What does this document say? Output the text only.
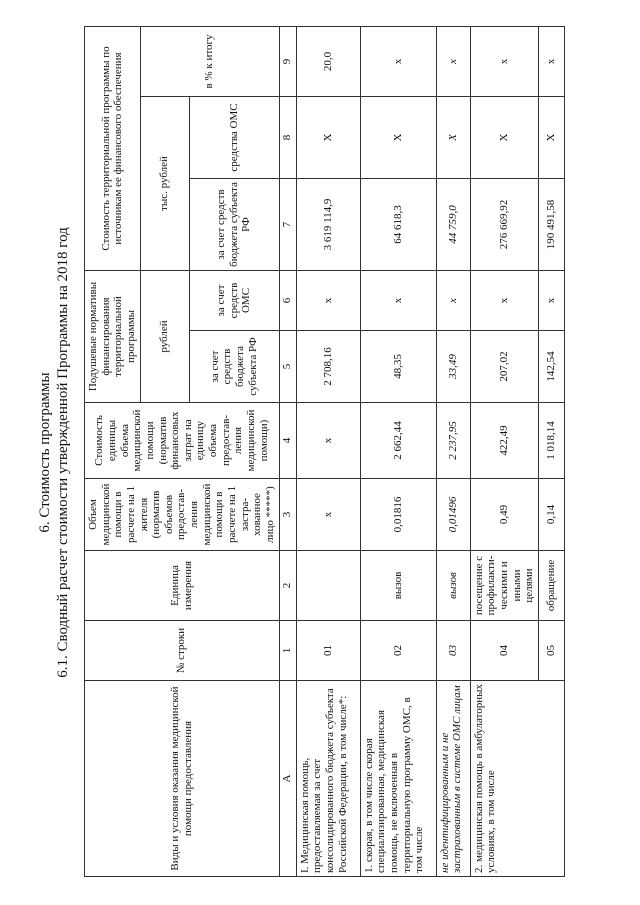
6. Стоимость программы 6.1. Сводный расчет стоимости утвержденной Программы на 2018 год
Виды и условия оказания медицинской помощи предоставления	№ строки	Единица измерения	Объем медицинской помощи в расчете на 1 жителя (норматив объемов предостав-ления медицинской помощи в расчете на 1 застра-хованное лицо *****)	Стоимость единицы объема медицинской помощи (норматив финансовых затрат на единицу объема предостав-ления медицинской помощи)	Подушевые нормативы финансирования территориальной программы		Стоимость территориальной программы по источникам ее финансового обеспечения		
					рублей		тыс. рублей		в % к итогу
					за счет средств бюджета субъекта РФ	за счет средств ОМС	за счет средств бюджета субъекта РФ	средства ОМС	
А	1	2	3	4	5	6	7	8	9
I. Медицинская помощь, предоставляемая за счет консолидированного бюджета субъекта Российской Федерации, в том числе*:	01		х	х	2 708,16	х	3 619 114,9	Х	20,0
1. скорая, в том числе скорая специализированная, медицинская помощь, не включенная в территориальную программу ОМС, в том числе	02	вызов	0,01816	2 662,44	48,35	х	64 618,3	Х	х
не идентифицированным и не застрахованным в системе ОМС лицам	03	вызов	0,01496	2 237,95	33,49	х	44 759,0	Х	х
2. медицинская помощь в амбулаторных условиях, в том числе	04	посещение с профилакти-ческими и иными целями	0,49	422,49	207,02	х	276 669,92	Х	х
	05	обращение	0,14	1 018,14	142,54	х	190 491,58	Х	х
